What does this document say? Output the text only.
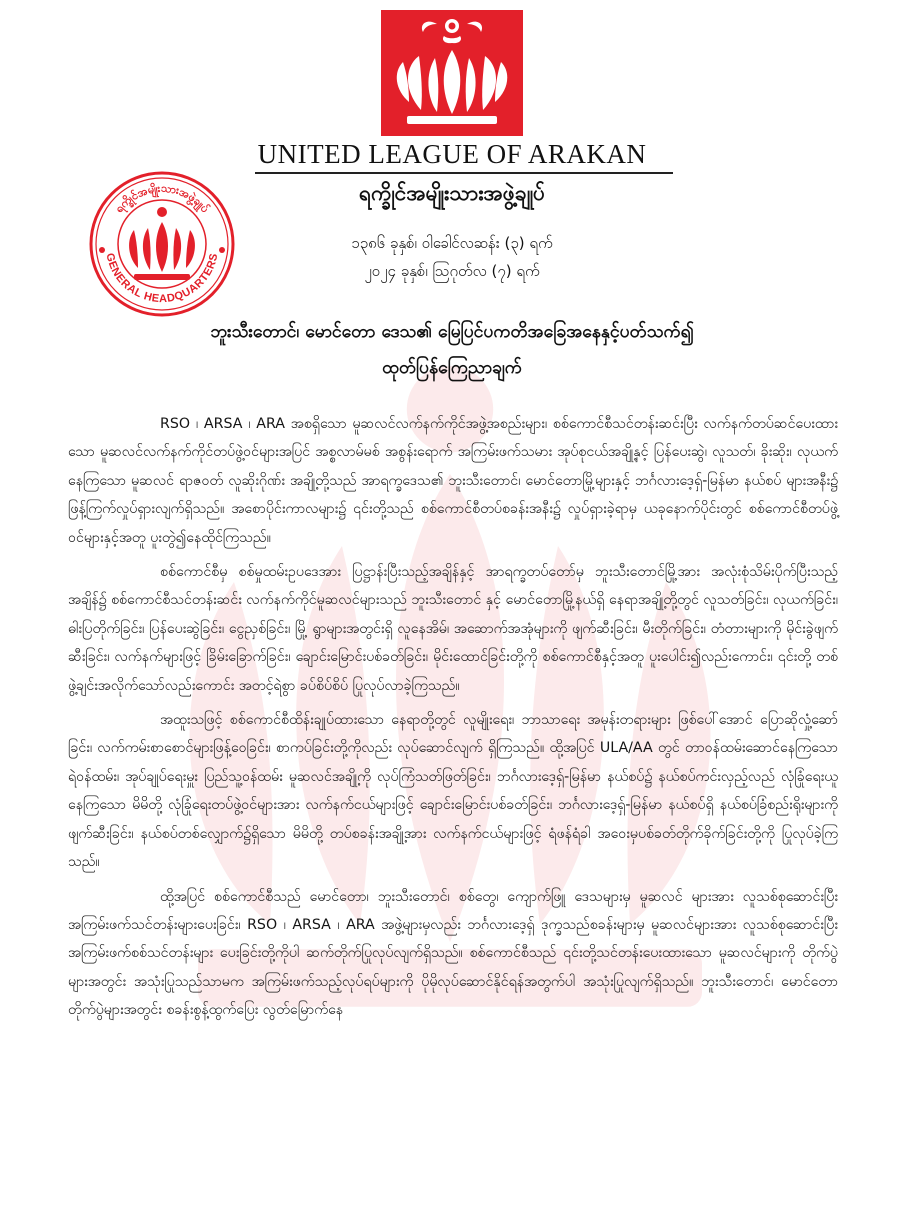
UNITED LEAGUE OF ARAKAN
ရက္ခိုင်အမျိုးသားအဖွဲ့ချုပ်
GENERAL HEADQUARTERS
ရက္ခိုင်အမျိုးသားအဖွဲ့ချုပ်
၁၃၈၆ ခုနှစ်၊ ဝါခေါင်လဆန်း (၃) ရက်
၂၀၂၄ ခုနှစ်၊ ဩဂုတ်လ (၇) ရက်
ဘူးသီးတောင်၊ မောင်တော ဒေသ၏ မြေပြင်ပကတိအခြေအနေနှင့်ပတ်သက်၍
ထုတ်ပြန်ကြေညာချက်

RSO ၊ ARSA ၊ ARA အစရှိသော မူဆလင်လက်နက်ကိုင်အဖွဲ့အစည်းများ၊ စစ်ကောင်စီသင်တန်းဆင်းပြီး လက်နက်တပ်ဆင်ပေးထားသော မူဆလင်လက်နက်ကိုင်တပ်ဖွဲ့ဝင်များအပြင် အစ္စလာမ်မစ် အစွန်းရောက် အကြမ်းဖက်သမား အုပ်စုငယ်အချို့နှင့် ပြန်ပေးဆွဲ၊ လူသတ်၊ ခိုးဆိုး၊ လုယက်နေကြသော မူဆလင် ရာဇဝတ် လူဆိုးဂိုဏ်း အချို့တို့သည် အာရက္ခဒေသ၏ ဘူးသီးတောင်၊ မောင်တောမြို့များနှင့် ဘင်္ဂလားဒေ့ရှ်-မြန်မာ နယ်စပ် များအနီး၌ ဖြန့်ကြက်လှုပ်ရှားလျက်ရှိသည်။ အစောပိုင်းကာလများ၌ ၎င်းတို့သည် စစ်ကောင်စီတပ်စခန်းအနီး၌ လှုပ်ရှားခဲ့ရာမှ ယခုနောက်ပိုင်းတွင် စစ်ကောင်စီတပ်ဖွဲ့ဝင်များနှင့်အတူ ပူးတွဲ၍နေထိုင်ကြသည်။

စစ်ကောင်စီမှ စစ်မှုထမ်းဥပဒေအား ပြဋ္ဌာန်းပြီးသည့်အချိန်နှင့် အာရက္ခတပ်တော်မှ ဘူးသီးတောင်မြို့အား အလုံးစုံသိမ်းပိုက်ပြီးသည့်အချိန်၌ စစ်ကောင်စီသင်တန်းဆင်း လက်နက်ကိုင်မူဆလင်များသည် ဘူးသီးတောင် နှင့် မောင်တောမြို့နယ်ရှိ နေရာအချို့တို့တွင် လူသတ်ခြင်း၊ လုယက်ခြင်း၊ ဓါးပြတိုက်ခြင်း၊ ပြန်ပေးဆွဲခြင်း၊ ငွေညှစ်ခြင်း၊ မြို့ ရွာများအတွင်းရှိ လူနေအိမ်၊ အဆောက်အအုံများကို ဖျက်ဆီးခြင်း၊ မီးတိုက်ခြင်း၊ တံတားများကို မိုင်းခွဲဖျက်ဆီးခြင်း၊ လက်နက်များဖြင့် ခြိမ်းခြောက်ခြင်း၊ ချောင်းမြောင်းပစ်ခတ်ခြင်း၊ မိုင်းထောင်ခြင်းတို့ကို စစ်ကောင်စီနှင့်အတူ ပူးပေါင်း၍လည်းကောင်း၊ ၎င်းတို့ တစ်ဖွဲ့ချင်းအလိုက်သော်လည်းကောင်း အတင့်ရဲစွာ ခပ်စိပ်စိပ် ပြုလုပ်လာခဲ့ကြသည်။

အထူးသဖြင့် စစ်ကောင်စီထိန်းချုပ်ထားသော နေရာတို့တွင် လူမျိုးရေး၊ ဘာသာရေး အမုန်းတရားများ ဖြစ်ပေါ်အောင် ပြောဆိုလှုံ့ဆော်ခြင်း၊ လက်ကမ်းစာစောင်များဖြန့်ဝေခြင်း၊ စာကပ်ခြင်းတို့ကိုလည်း လုပ်ဆောင်လျက် ရှိကြသည်။ ထို့အပြင် ULA/AA တွင် တာဝန်ထမ်းဆောင်နေကြသော ရဲဝန်ထမ်း၊ အုပ်ချုပ်ရေးမှူး ပြည်သူ့ဝန်ထမ်း မူဆလင်အချို့ကို လုပ်ကြံသတ်ဖြတ်ခြင်း၊ ဘင်္ဂလားဒေ့ရှ်-မြန်မာ နယ်စပ်၌ နယ်စပ်ကင်းလှည့်လည် လုံခြုံရေးယူ နေကြသော မိမိတို့ လုံခြုံရေးတပ်ဖွဲ့ဝင်များအား လက်နက်ငယ်များဖြင့် ချောင်းမြောင်းပစ်ခတ်ခြင်း၊ ဘင်္ဂလားဒေ့ရှ်-မြန်မာ နယ်စပ်ရှိ နယ်စပ်ခြံစည်းရိုးများကို ဖျက်ဆီးခြင်း၊ နယ်စပ်တစ်လျှောက်၌ရှိသော မိမိတို့ တပ်စခန်းအချို့အား လက်နက်ငယ်များဖြင့် ရံဖန်ရံခါ အဝေးမှပစ်ခတ်တိုက်ခိုက်ခြင်းတို့ကို ပြုလုပ်ခဲ့ကြသည်။

ထို့အပြင် စစ်ကောင်စီသည် မောင်တော၊ ဘူးသီးတောင်၊ စစ်တွေ၊ ကျောက်ဖြူ ဒေသများမှ မူဆလင် များအား လူသစ်စုဆောင်းပြီး အကြမ်းဖက်သင်တန်းများပေးခြင်း၊ RSO ၊ ARSA ၊ ARA အဖွဲ့များမှလည်း ဘင်္ဂလားဒေ့ရှ် ဒုက္ခသည်စခန်းများမှ မူဆလင်များအား လူသစ်စုဆောင်းပြီး အကြမ်းဖက်စစ်သင်တန်းများ ပေးခြင်းတို့ကိုပါ ဆက်တိုက်ပြုလုပ်လျက်ရှိသည်။ စစ်ကောင်စီသည် ၎င်းတို့သင်တန်းပေးထားသော မူဆလင်များကို တိုက်ပွဲများအတွင်း အသုံးပြုသည်သာမက အကြမ်းဖက်သည့်လုပ်ရပ်များကို ပိုမိုလုပ်ဆောင်နိုင်ရန်အတွက်ပါ အသုံးပြုလျက်ရှိသည်။ ဘူးသီးတောင်၊ မောင်တော တိုက်ပွဲများအတွင်း စခန်းစွန့်ထွက်ပြေး လွတ်မြောက်နေ
